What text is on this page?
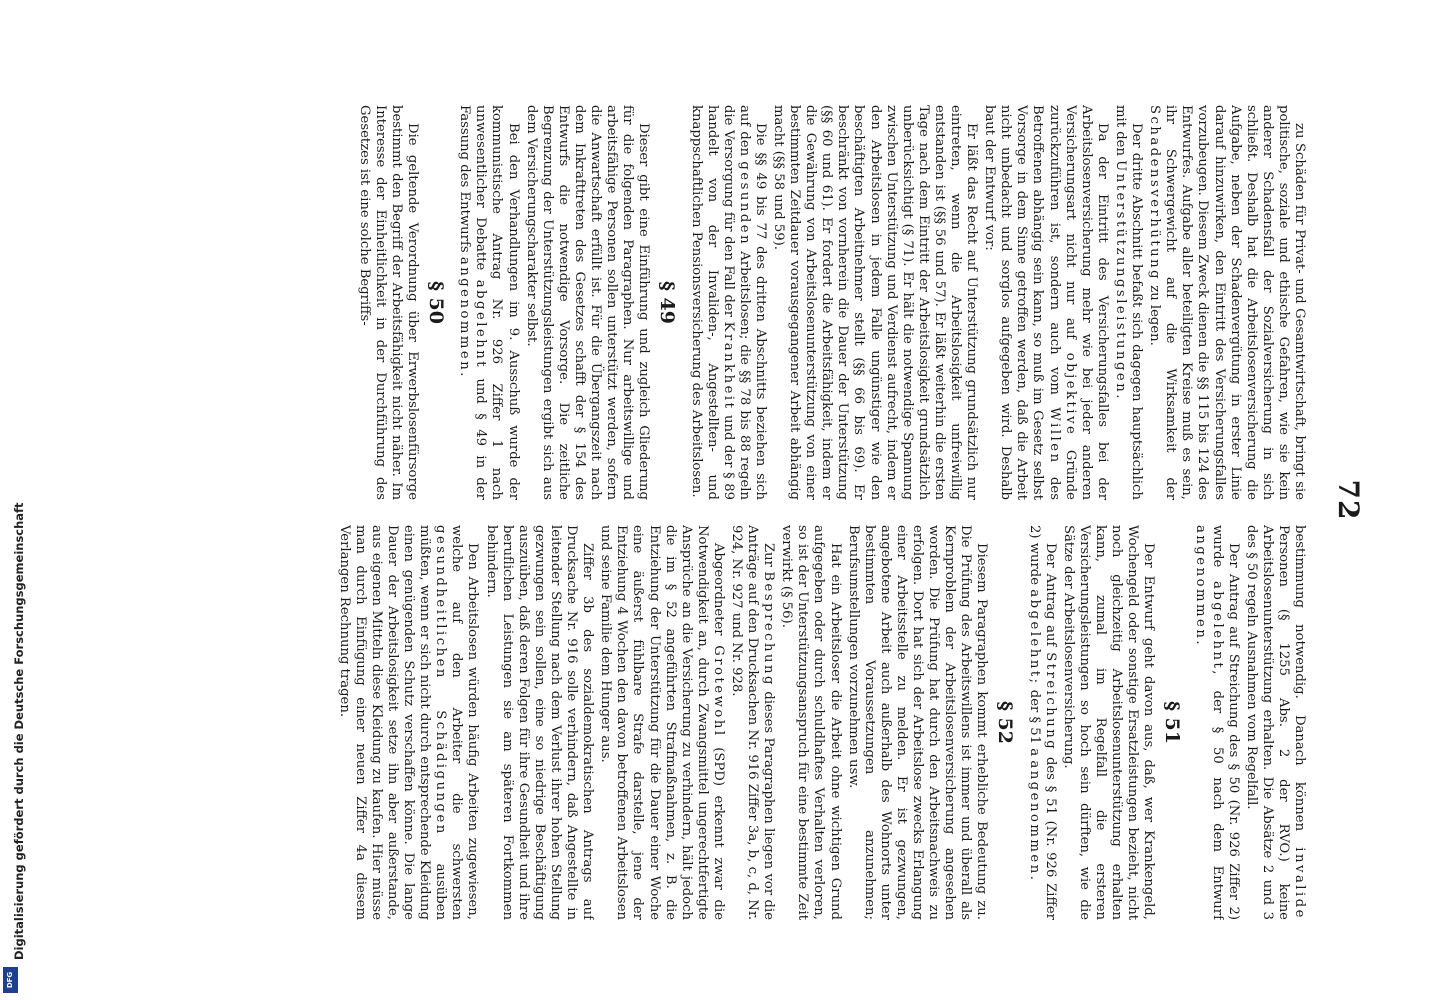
72

zu Schäden für Privat- und Gesamtwirtschaft, bringt sie politische, soziale und ethische Gefahren, wie sie kein anderer Schadensfall der Sozialversicherung in sich schließt. Deshalb hat die Arbeitslosenversicherung die Aufgabe, neben der Schadenvergütung in erster Linie darauf hinzuwirken, den Eintritt des Versicherungsfalles vorzubeugen. Diesem Zweck dienen die §§ 115 bis 124 des Entwurfes. Aufgabe aller beteiligten Kreise muß es sein, ihr Schwergewicht auf die Wirksamkeit der Schadensverhütung zu legen.

Der dritte Abschnitt befaßt sich dagegen hauptsächlich mit den Unterstützungsleistungen.

Da der Eintritt des Versicherungsfalles bei der Arbeitslosenversicherung mehr wie bei jeder anderen Versicherungsart nicht nur auf objektive Gründe zurückzuführen ist, sondern auch vom Willen des Betroffenen abhängig sein kann, so muß im Gesetz selbst Vorsorge in dem Sinne getroffen werden, daß die Arbeit nicht unbedacht und sorglos aufgegeben wird. Deshalb baut der Entwurf vor:

Er läßt das Recht auf Unterstützung grundsätzlich nur eintreten, wenn die Arbeitslosigkeit unfreiwillig entstanden ist (§§ 56 und 57). Er läßt weiterhin die ersten Tage nach dem Eintritt der Arbeitslosigkeit grundsätzlich unberücksichtigt (§ 71). Er hält die notwendige Spannung zwischen Unterstützung und Verdienst aufrecht, indem er den Arbeitslosen in jedem Falle ungünstiger wie den beschäftigten Arbeitnehmer stellt (§§ 66 bis 69). Er beschränkt von vornherein die Dauer der Unterstützung (§§ 60 und 61). Er fordert die Arbeitsfähigkeit, indem er die Gewährung von Arbeitslosenunterstützung von einer bestimmten Zeitdauer vorausgegangener Arbeit abhängig macht (§§ 58 und 59).

Die §§ 49 bis 77 des dritten Abschnitts beziehen sich auf den gesunden Arbeitslosen; die §§ 78 bis 88 regeln die Versorgung für den Fall der Krankheit und der § 89 handelt von der Invaliden-, Angestellten- und knappschaftlichen Pensionsversicherung des Arbeitslosen.

§ 49

Dieser gibt eine Einführung und zugleich Gliederung für die folgenden Paragraphen. Nur arbeitswillige und arbeitsfähige Personen sollen unterstützt werden, sofern die Anwartschaft erfüllt ist. Für die Übergangszeit nach dem Inkrafttreten des Gesetzes schafft der § 154 des Entwurfs die notwendige Vorsorge. Die zeitliche Begrenzung der Unterstützungsleistungen ergibt sich aus dem Versicherungscharakter selbst.

Bei den Verhandlungen im 9. Ausschuß wurde der kommunistische Antrag Nr. 926 Ziffer 1 nach unwesentlicher Debatte abgelehnt und § 49 in der Fassung des Entwurfs angenommen.

§ 50

Die geltende Verordnung über Erwerbslosenfürsorge bestimmt den Begriff der Arbeitsfähigkeit nicht näher. Im Interesse der Einheitlichkeit in der Durchführung des Gesetzes ist eine solche Begriffs-

bestimmung notwendig. Danach können invalide Personen (§ 1255 Abs. 2 der RVO.) keine Arbeitslosenunterstützung erhalten. Die Absätze 2 und 3 des § 50 regeln Ausnahmen vom Regelfall.

Der Antrag auf Streichung des § 50 (Nr. 926 Ziffer 2) wurde abgelehnt, der § 50 nach dem Entwurf angenommen.

§ 51

Der Entwurf geht davon aus, daß, wer Krankengeld, Wochengeld oder sonstige Ersatzleistungen bezieht, nicht noch gleichzeitig Arbeitslosenunterstützung erhalten kann, zumal im Regelfall die ersteren Versicherungsleistungen so hoch sein dürften, wie die Sätze der Arbeitslosenversicherung.

Der Antrag auf Streichung des § 51 (Nr. 926 Ziffer 2) wurde abgelehnt; der § 51 a angenommen.

§ 52

Diesem Paragraphen kommt erhebliche Bedeutung zu. Die Prüfung des Arbeitswillens ist immer und überall als Kernproblem der Arbeitslosenversicherung angesehen worden. Die Prüfung hat durch den Arbeitsnachweis zu erfolgen. Dort hat sich der Arbeitslose zwecks Erlangung einer Arbeitsstelle zu melden. Er ist gezwungen, angebotene Arbeit auch außerhalb des Wohnorts unter bestimmten Voraussetzungen anzunehmen; Berufsumstellungen vorzunehmen usw.

Hat ein Arbeitsloser die Arbeit ohne wichtigen Grund aufgegeben oder durch schuldhaftes Verhalten verloren, so ist der Unterstützungsanspruch für eine bestimmte Zeit verwirkt (§ 56).

Zur Besprechung dieses Paragraphen liegen vor die Anträge auf den Drucksachen Nr. 916 Ziffer 3a, b, c, d, Nr. 924, Nr. 927 und Nr. 928.

Abgeordneter Grotewohl (SPD) erkennt zwar die Notwendigkeit an, durch Zwangsmittel ungerechtfertigte Ansprüche an die Versicherung zu verhindern, hält jedoch die im § 52 angeführten Strafmaßnahmen, z. B. die Entziehung der Unterstützung für die Dauer einer Woche eine äußerst fühlbare Strafe darstelle, jene der Entziehung 4 Wochen den davon betroffenen Arbeitslosen und seine Familie dem Hunger aus.

Ziffer 3b des sozialdemokratischen Antrags auf Drucksache Nr. 916 solle verhindern, daß Angestellte in leitender Stellung nach dem Verlust ihrer hohen Stellung gezwungen sein sollen, eine so niedrige Beschäftigung auszuüben, daß deren Folgen für ihre Gesundheit und ihre beruflichen Leistungen sie am späteren Fortkommen behindern.

Den Arbeitslosen würden häufig Arbeiten zugewiesen, welche auf den Arbeiter die schwersten gesundheitlichen Schädigungen ausüben müßten, wenn er sich nicht durch entsprechende Kleidung einen genügenden Schutz verschaffen könne. Die lange Dauer der Arbeitslosigkeit setze ihn aber außerstande, aus eigenen Mitteln diese Kleidung zu kaufen. Hier müsse man durch Einfügung einer neuen Ziffer 4a diesem Verlangen Rechnung tragen.

Digitalisierung gefördert durch die Deutsche Forschungsgemeinschaft
DFG
